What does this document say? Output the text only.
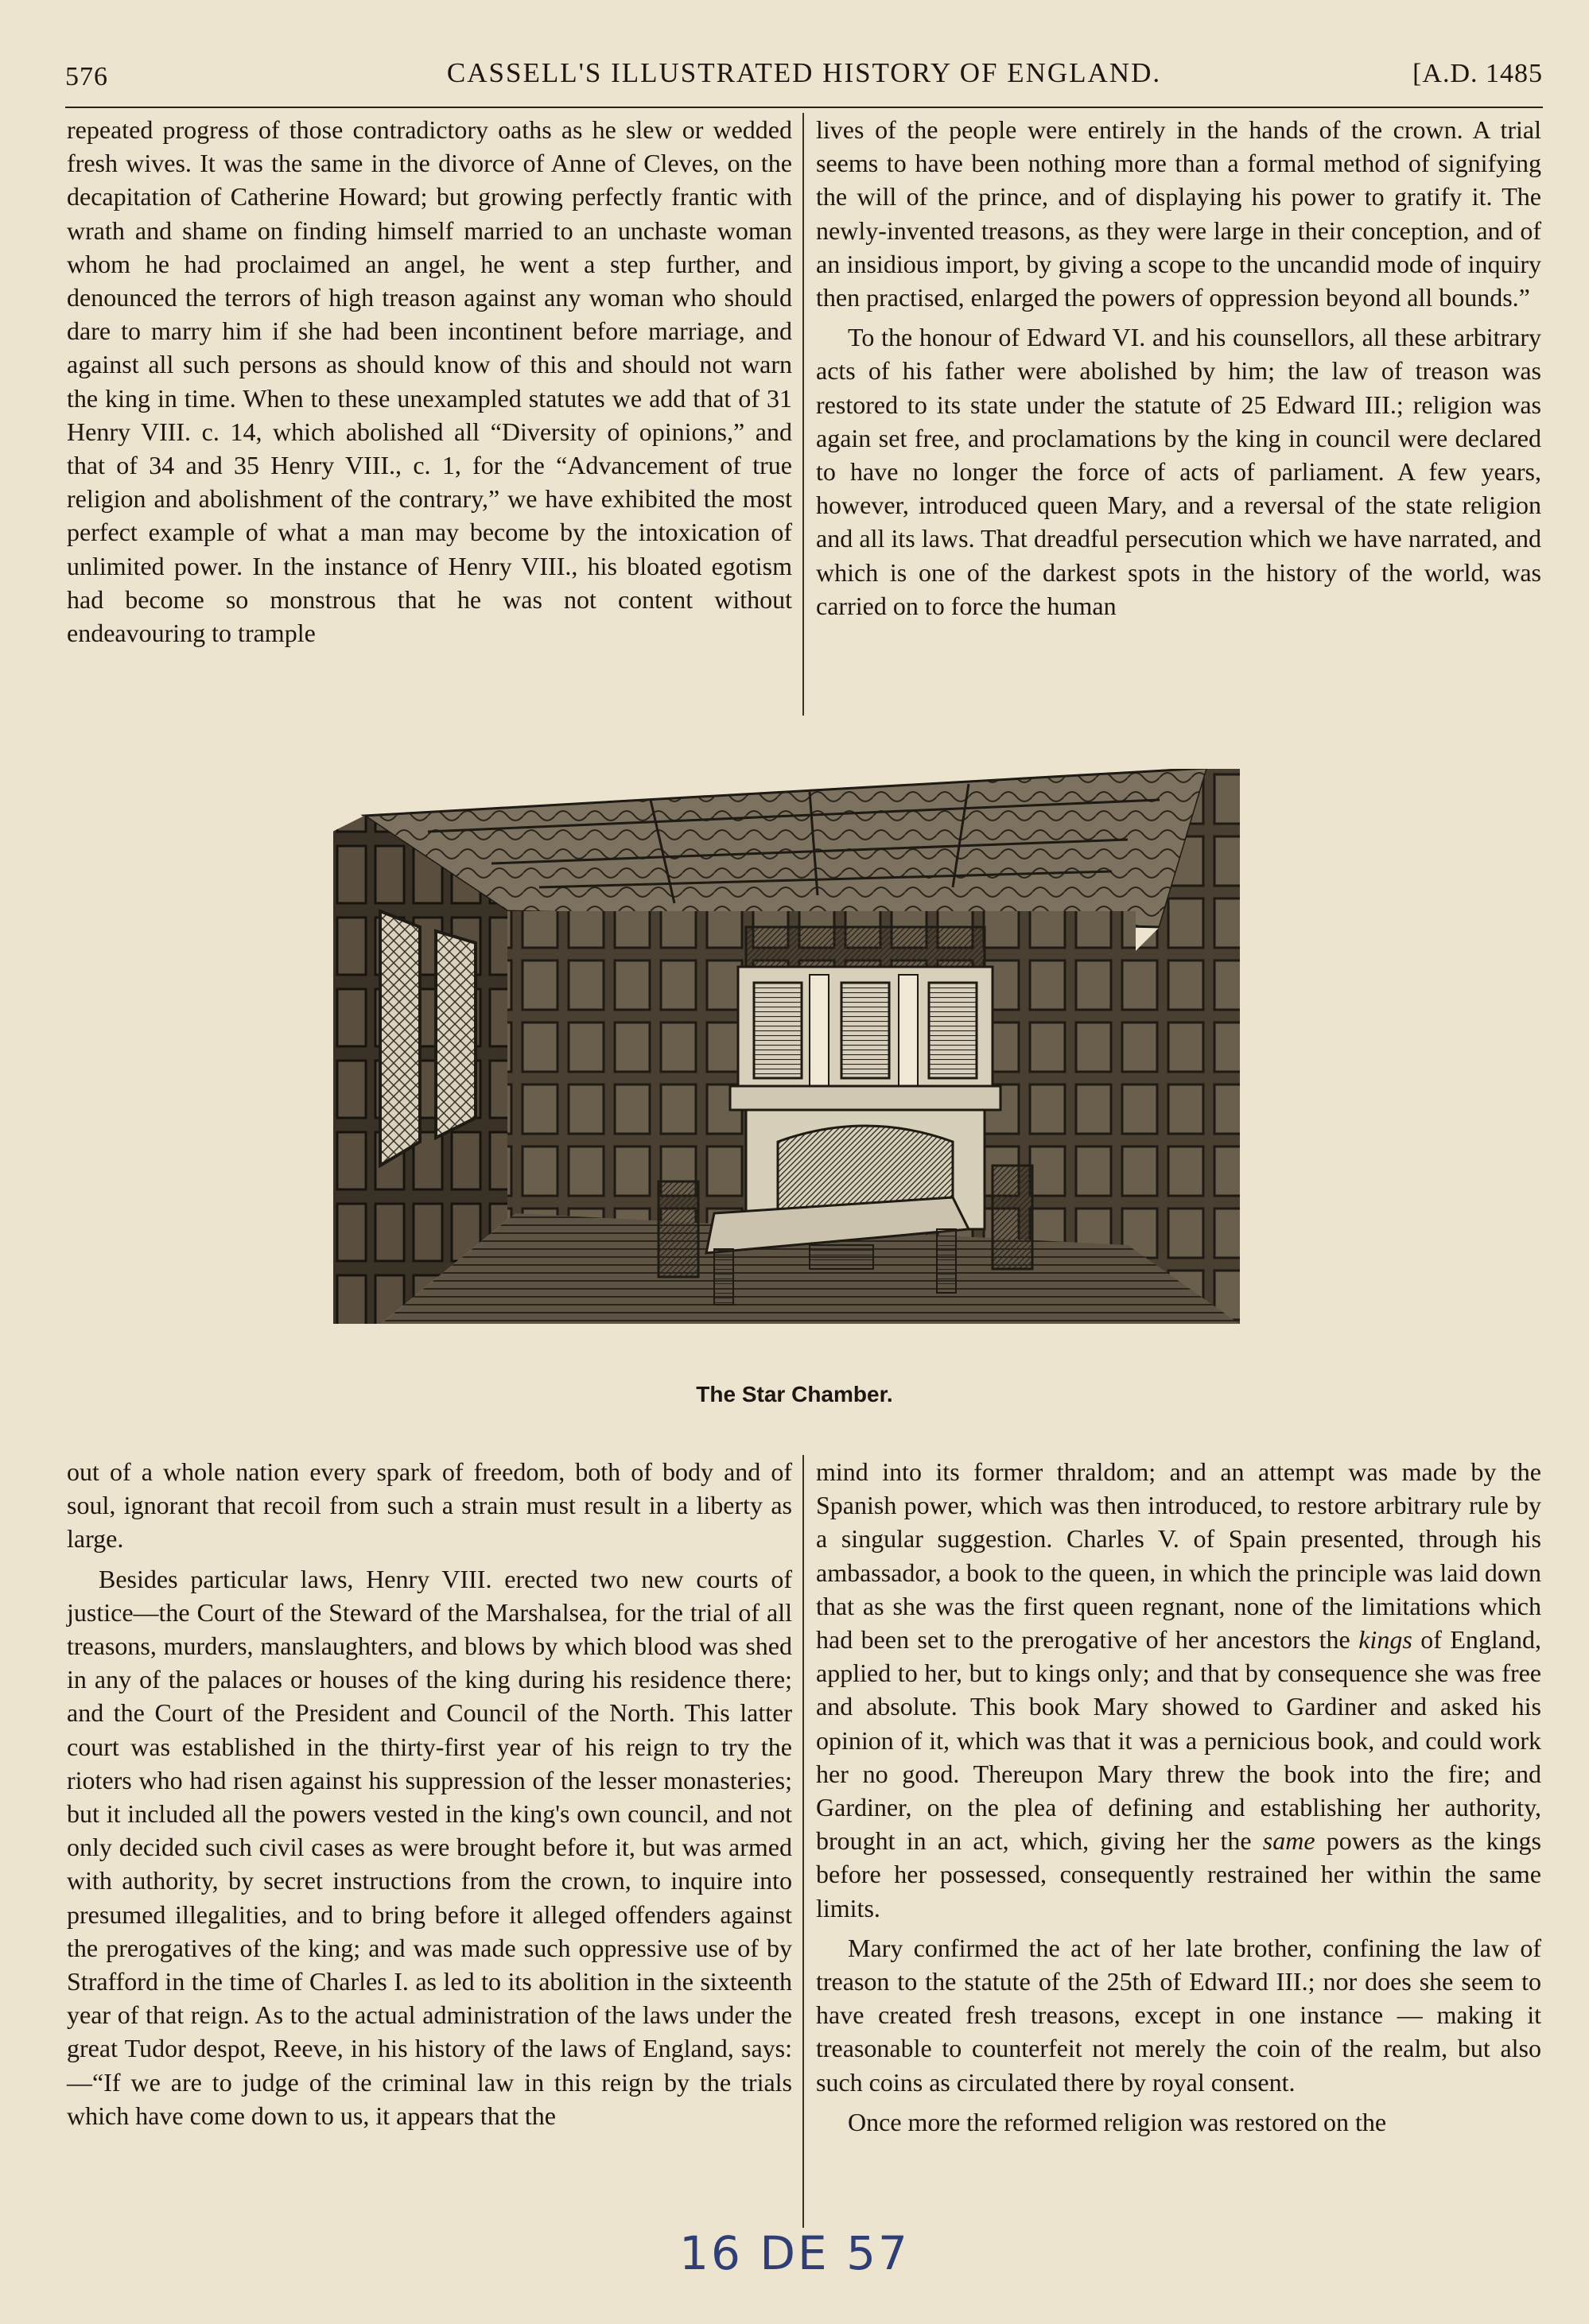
576	CASSELL'S ILLUSTRATED HISTORY OF ENGLAND.	[A.D. 1485

repeated progress of those contradictory oaths as he slew or wedded fresh wives. It was the same in the divorce of Anne of Cleves, on the decapitation of Catherine Howard; but growing perfectly frantic with wrath and shame on finding himself married to an unchaste woman whom he had proclaimed an angel, he went a step further, and denounced the terrors of high treason against any woman who should dare to marry him if she had been incontinent before marriage, and against all such persons as should know of this and should not warn the king in time. When to these unexampled statutes we add that of 31 Henry VIII. c. 14, which abolished all “Diversity of opinions,” and that of 34 and 35 Henry VIII., c. 1, for the “Advancement of true religion and abolishment of the contrary,” we have exhibited the most perfect example of what a man may become by the intoxication of unlimited power. In the instance of Henry VIII., his bloated egotism had become so monstrous that he was not content without endeavouring to trample

lives of the people were entirely in the hands of the crown. A trial seems to have been nothing more than a formal method of signifying the will of the prince, and of displaying his power to gratify it. The newly-invented treasons, as they were large in their conception, and of an insidious import, by giving a scope to the uncandid mode of inquiry then practised, enlarged the powers of oppression beyond all bounds.”

To the honour of Edward VI. and his counsellors, all these arbitrary acts of his father were abolished by him; the law of treason was restored to its state under the statute of 25 Edward III.; religion was again set free, and proclamations by the king in council were declared to have no longer the force of acts of parliament. A few years, however, introduced queen Mary, and a reversal of the state religion and all its laws. That dreadful persecution which we have narrated, and which is one of the darkest spots in the history of the world, was carried on to force the human

The Star Chamber.

out of a whole nation every spark of freedom, both of body and of soul, ignorant that recoil from such a strain must result in a liberty as large.

Besides particular laws, Henry VIII. erected two new courts of justice—the Court of the Steward of the Marshalsea, for the trial of all treasons, murders, manslaughters, and blows by which blood was shed in any of the palaces or houses of the king during his residence there; and the Court of the President and Council of the North. This latter court was established in the thirty-first year of his reign to try the rioters who had risen against his suppression of the lesser monasteries; but it included all the powers vested in the king's own council, and not only decided such civil cases as were brought before it, but was armed with authority, by secret instructions from the crown, to inquire into presumed illegalities, and to bring before it alleged offenders against the prerogatives of the king; and was made such oppressive use of by Strafford in the time of Charles I. as led to its abolition in the sixteenth year of that reign. As to the actual administration of the laws under the great Tudor despot, Reeve, in his history of the laws of England, says:—“If we are to judge of the criminal law in this reign by the trials which have come down to us, it appears that the

mind into its former thraldom; and an attempt was made by the Spanish power, which was then introduced, to restore arbitrary rule by a singular suggestion. Charles V. of Spain presented, through his ambassador, a book to the queen, in which the principle was laid down that as she was the first queen regnant, none of the limitations which had been set to the prerogative of her ancestors the kings of England, applied to her, but to kings only; and that by consequence she was free and absolute. This book Mary showed to Gardiner and asked his opinion of it, which was that it was a pernicious book, and could work her no good. Thereupon Mary threw the book into the fire; and Gardiner, on the plea of defining and establishing her authority, brought in an act, which, giving her the same powers as the kings before her possessed, consequently restrained her within the same limits.

Mary confirmed the act of her late brother, confining the law of treason to the statute of the 25th of Edward III.; nor does she seem to have created fresh treasons, except in one instance — making it treasonable to counterfeit not merely the coin of the realm, but also such coins as circulated there by royal consent.

Once more the reformed religion was restored on the

16 DE 57
